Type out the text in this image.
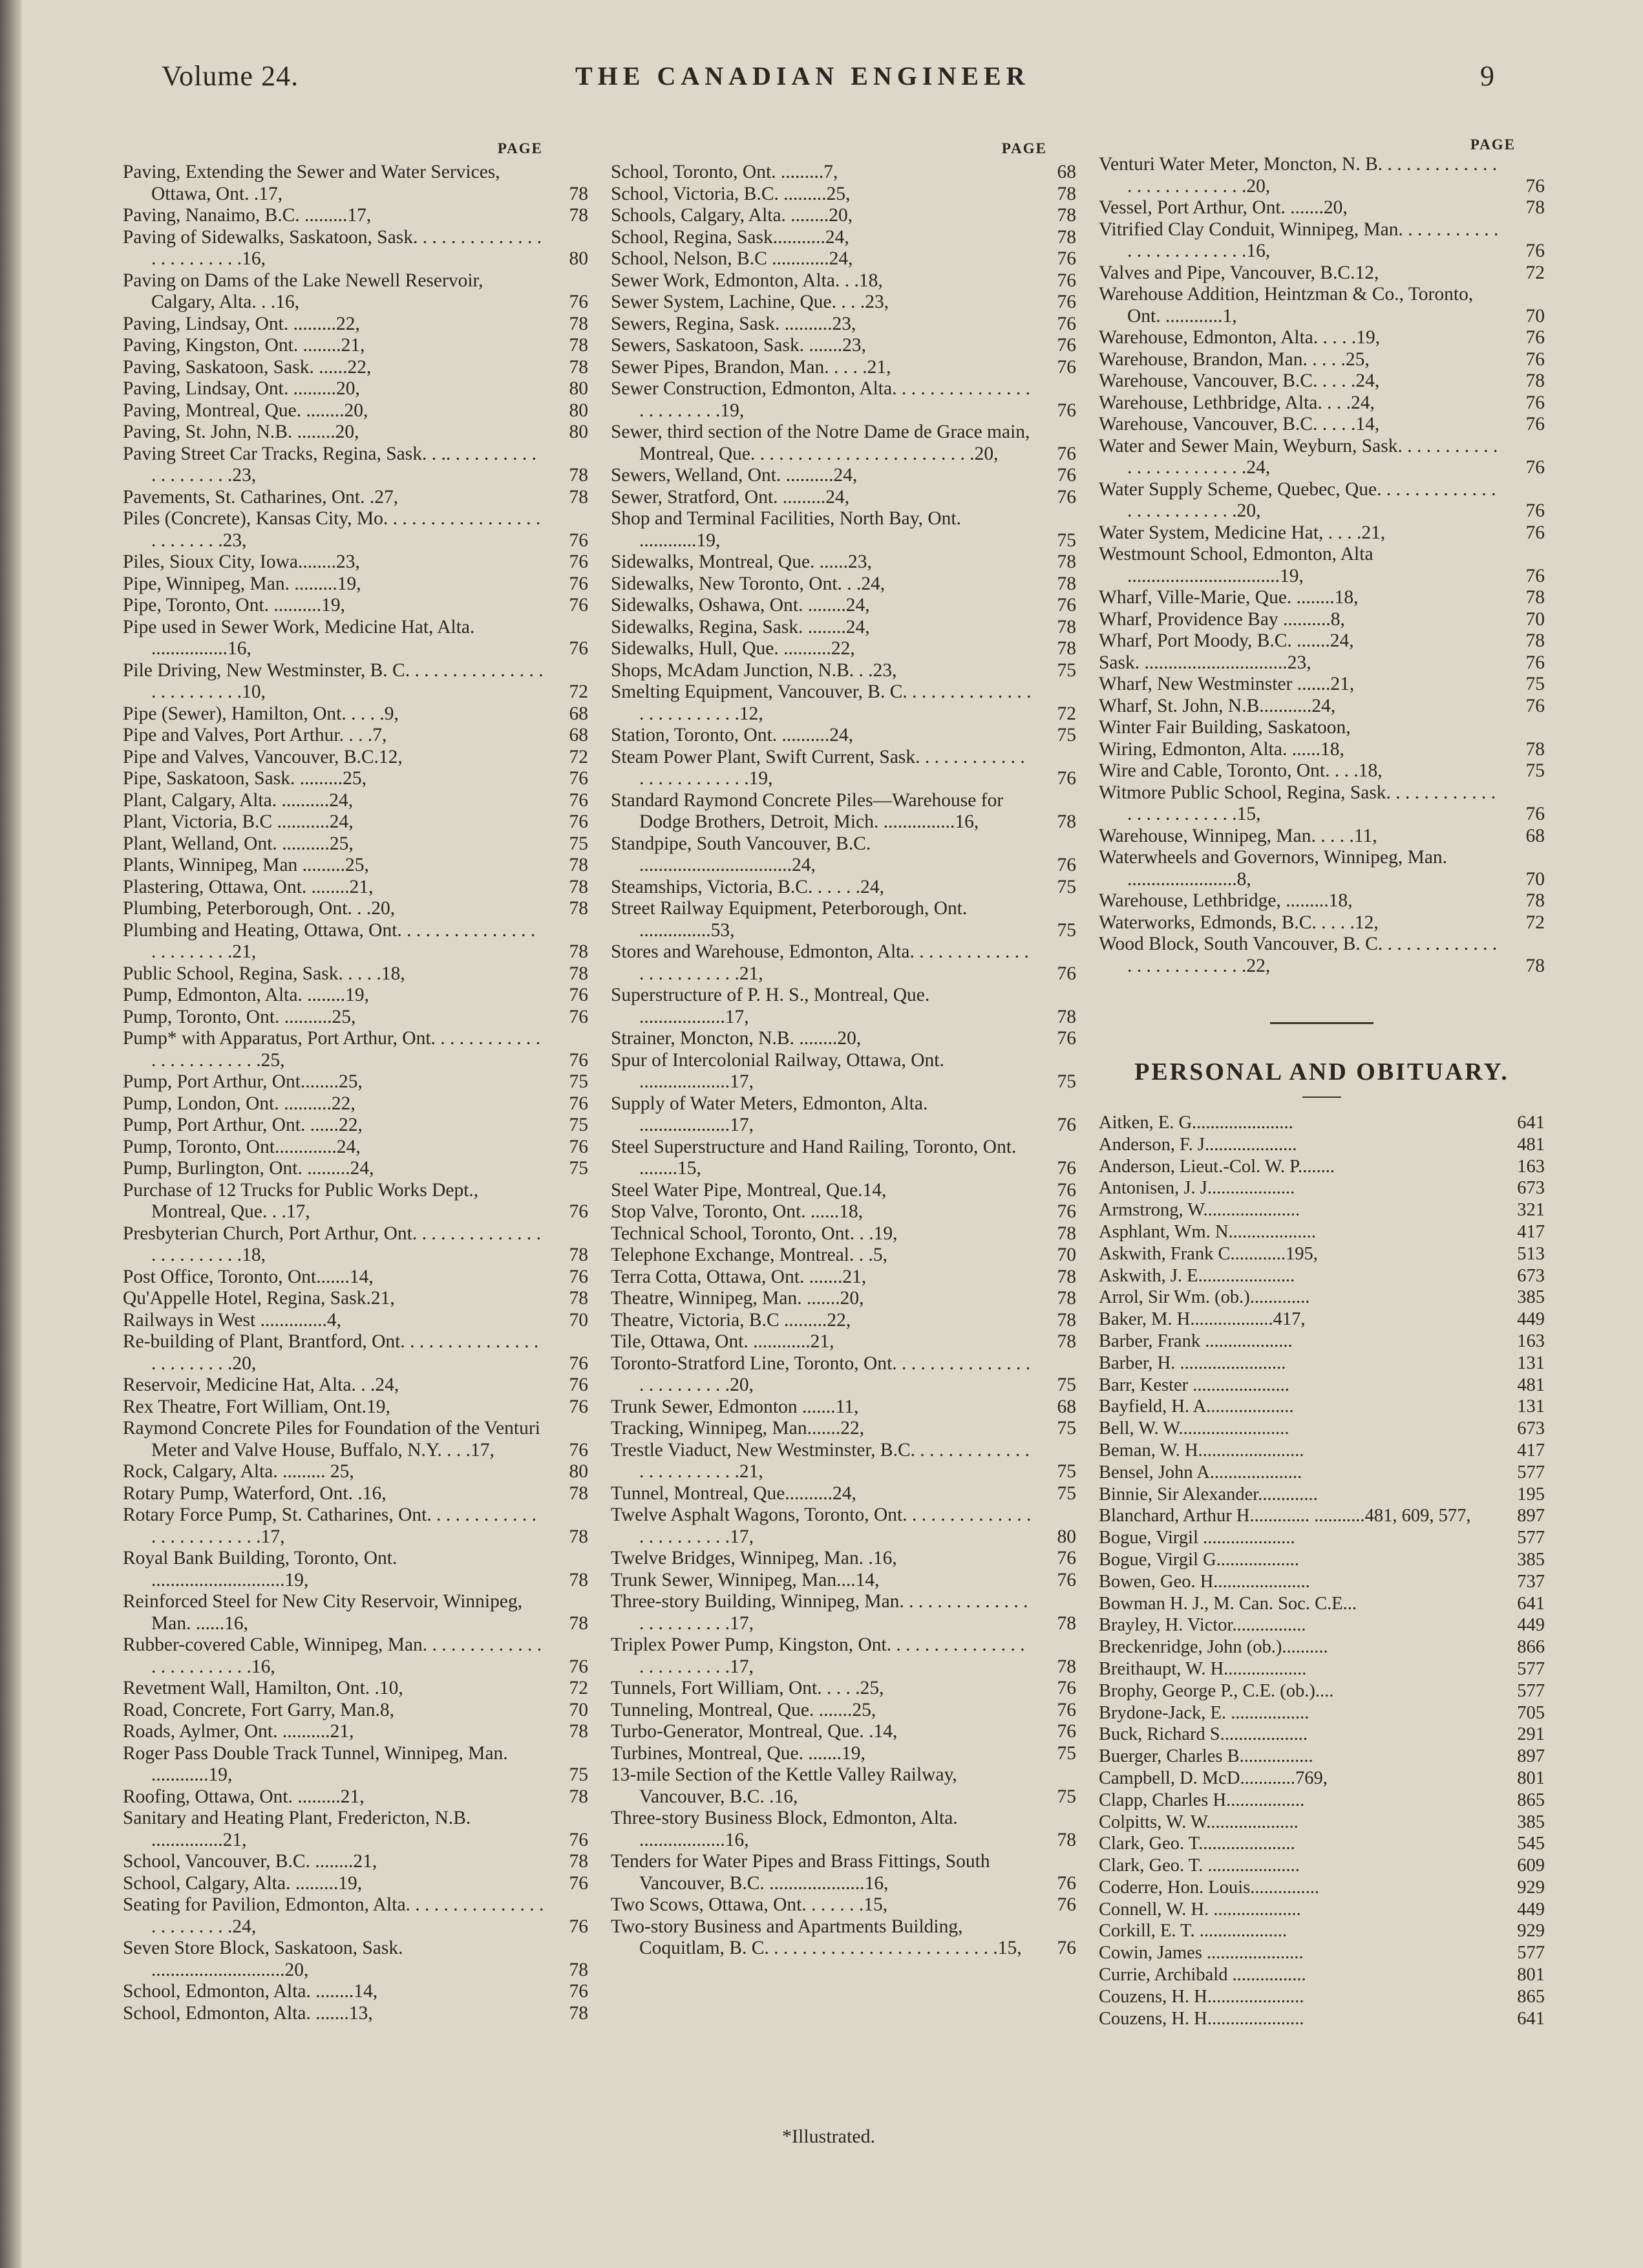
Volume 24.	THE CANADIAN ENGINEER	9
PAGE
Paving, Extending the Sewer and Water Services, Ottawa, Ont. .17,	78
Paving, Nanaimo, B.C. .........17,	78
Paving of Sidewalks, Saskatoon, Sask. . . . . . . . . . . . . . . . . . . . . . . .16,	80
Paving on Dams of the Lake Newell Reservoir, Calgary, Alta. . .16,	76
Paving, Lindsay, Ont. .........22,	78
Paving, Kingston, Ont. ........21,	78
Paving, Saskatoon, Sask. ......22,	78
Paving, Lindsay, Ont. .........20,	80
Paving, Montreal, Que. ........20,	80
Paving, St. John, N.B. ........20,	80
Paving Street Car Tracks, Regina, Sask. . .. . . . . . . . . . . . . . . . . . .23,	78
Pavements, St. Catharines, Ont. .27,	78
Piles (Concrete), Kansas City, Mo. . . . . . . . . . . . . . . . . . . . . . . . .23,	76
Piles, Sioux City, Iowa........23,	76
Pipe, Winnipeg, Man. .........19,	76
Pipe, Toronto, Ont. ..........19,	76
Pipe used in Sewer Work, Medicine Hat, Alta. ................16,	76
Pile Driving, New Westminster, B. C. . . . . . . . . . . . . . . . . . . . . . . . .10,	72
Pipe (Sewer), Hamilton, Ont. . . . .9,	68
Pipe and Valves, Port Arthur. . . .7,	68
Pipe and Valves, Vancouver, B.C.12,	72
Pipe, Saskatoon, Sask. .........25,	76
Plant, Calgary, Alta. ..........24,	76
Plant, Victoria, B.C ...........24,	76
Plant, Welland, Ont. ..........25,	75
Plants, Winnipeg, Man .........25,	78
Plastering, Ottawa, Ont. ........21,	78
Plumbing, Peterborough, Ont. . .20,	78
Plumbing and Heating, Ottawa, Ont. . . . . . . . . . . . . . . . . . . . . . . .21,	78
Public School, Regina, Sask. . . . .18,	78
Pump, Edmonton, Alta. ........19,	76
Pump, Toronto, Ont. ..........25,	76
Pump* with Apparatus, Port Arthur, Ont. . . . . . . . . . . . . . . . . . . . . . . .25,	76
Pump, Port Arthur, Ont........25,	75
Pump, London, Ont. ..........22,	76
Pump, Port Arthur, Ont. ......22,	75
Pump, Toronto, Ont.............24,	76
Pump, Burlington, Ont. .........24,	75
Purchase of 12 Trucks for Public Works Dept., Montreal, Que. . .17,	76
Presbyterian Church, Port Arthur, Ont. . . . . . . . . . . . . . . . . . . . . . . .18,	78
Post Office, Toronto, Ont.......14,	76
Qu'Appelle Hotel, Regina, Sask.21,	78
Railways in West ..............4,	70
Re-building of Plant, Brantford, Ont. . . . . . . . . . . . . . . . . . . . . . . .20,	76
Reservoir, Medicine Hat, Alta. . .24,	76
Rex Theatre, Fort William, Ont.19,	76
Raymond Concrete Piles for Foundation of the Venturi Meter and Valve House, Buffalo, N.Y. . . .17,	76
Rock, Calgary, Alta. ......... 25,	80
Rotary Pump, Waterford, Ont. .16,	78
Rotary Force Pump, St. Catharines, Ont. . . . . . . . . . . . . . . . . . . . . . . .17,	78
Royal Bank Building, Toronto, Ont. ............................19,	78
Reinforced Steel for New City Reservoir, Winnipeg, Man. ......16,	78
Rubber-covered Cable, Winnipeg, Man. . . . . . . . . . . . . . . . . . . . . . . .16,	76
Revetment Wall, Hamilton, Ont. .10,	72
Road, Concrete, Fort Garry, Man.8,	70
Roads, Aylmer, Ont. ..........21,	78
Roger Pass Double Track Tunnel, Winnipeg, Man. ............19,	75
Roofing, Ottawa, Ont. .........21,	78
Sanitary and Heating Plant, Fredericton, N.B. ...............21,	76
School, Vancouver, B.C. ........21,	78
School, Calgary, Alta. .........19,	76
Seating for Pavilion, Edmonton, Alta. . . . . . . . . . . . . . . . . . . . . . . .24,	76
Seven Store Block, Saskatoon, Sask. ............................20,	78
School, Edmonton, Alta. ........14,	76
School, Edmonton, Alta. .......13,	78
PAGE
School, Toronto, Ont. .........7,	68
School, Victoria, B.C. .........25,	78
Schools, Calgary, Alta. ........20,	78
School, Regina, Sask...........24,	78
School, Nelson, B.C ............24,	76
Sewer Work, Edmonton, Alta. . .18,	76
Sewer System, Lachine, Que. . . .23,	76
Sewers, Regina, Sask. ..........23,	76
Sewers, Saskatoon, Sask. .......23,	76
Sewer Pipes, Brandon, Man. . . . .21,	76
Sewer Construction, Edmonton, Alta. . . . . . . . . . . . . . . . . . . . . . . .19,	76
Sewer, third section of the Notre Dame de Grace main, Montreal, Que. . . . . . . . . . . . . . . . . . . . . . . .20,	76
Sewers, Welland, Ont. ..........24,	76
Sewer, Stratford, Ont. .........24,	76
Shop and Terminal Facilities, North Bay, Ont. ............19,	75
Sidewalks, Montreal, Que. ......23,	78
Sidewalks, New Toronto, Ont. . .24,	78
Sidewalks, Oshawa, Ont. ........24,	76
Sidewalks, Regina, Sask. ........24,	78
Sidewalks, Hull, Que. ..........22,	78
Shops, McAdam Junction, N.B. . .23,	75
Smelting Equipment, Vancouver, B. C. . . . . . . . . . . . . . . . . . . . . . . . .12,	72
Station, Toronto, Ont. ..........24,	75
Steam Power Plant, Swift Current, Sask. . . . . . . . . . . . . . . . . . . . . . . .19,	76
Standard Raymond Concrete Piles—Warehouse for Dodge Brothers, Detroit, Mich. ...............16,	78
Standpipe, South Vancouver, B.C. ................................24,	76
Steamships, Victoria, B.C. . . . . .24,	75
Street Railway Equipment, Peterborough, Ont. ...............53,	75
Stores and Warehouse, Edmonton, Alta. . . . . . . . . . . . . . . . . . . . . . . .21,	76
Superstructure of P. H. S., Montreal, Que. ..................17,	78
Strainer, Moncton, N.B. ........20,	76
Spur of Intercolonial Railway, Ottawa, Ont. ...................17,	75
Supply of Water Meters, Edmonton, Alta. ...................17,	76
Steel Superstructure and Hand Railing, Toronto, Ont. ........15,	76
Steel Water Pipe, Montreal, Que.14,	76
Stop Valve, Toronto, Ont. ......18,	76
Technical School, Toronto, Ont. . .19,	78
Telephone Exchange, Montreal. . .5,	70
Terra Cotta, Ottawa, Ont. .......21,	78
Theatre, Winnipeg, Man. .......20,	78
Theatre, Victoria, B.C .........22,	78
Tile, Ottawa, Ont. ............21,	78
Toronto-Stratford Line, Toronto, Ont. . . . . . . . . . . . . . . . . . . . . . . . .20,	75
Trunk Sewer, Edmonton .......11,	68
Tracking, Winnipeg, Man.......22,	75
Trestle Viaduct, New Westminster, B.C. . . . . . . . . . . . . . . . . . . . . . . .21,	75
Tunnel, Montreal, Que..........24,	75
Twelve Asphalt Wagons, Toronto, Ont. . . . . . . . . . . . . . . . . . . . . . . .17,	80
Twelve Bridges, Winnipeg, Man. .16,	76
Trunk Sewer, Winnipeg, Man....14,	76
Three-story Building, Winnipeg, Man. . . . . . . . . . . . . . . . . . . . . . . .17,	78
Triplex Power Pump, Kingston, Ont. . . . . . . . . . . . . . . . . . . . . . . . .17,	78
Tunnels, Fort William, Ont. . . . .25,	76
Tunneling, Montreal, Que. .......25,	76
Turbo-Generator, Montreal, Que. .14,	76
Turbines, Montreal, Que. .......19,	75
13-mile Section of the Kettle Valley Railway, Vancouver, B.C. .16,	75
Three-story Business Block, Edmonton, Alta. ..................16,	78
Tenders for Water Pipes and Brass Fittings, South Vancouver, B.C. ....................16,	76
Two Scows, Ottawa, Ont. . . . . . .15,	76
Two-story Business and Apartments Building, Coquitlam, B. C. . . . . . . . . . . . . . . . . . . . . . . . .15,	76
PAGE
Venturi Water Meter, Moncton, N. B. . . . . . . . . . . . . . . . . . . . . . . . . .20,	76
Vessel, Port Arthur, Ont. .......20,	78
Vitrified Clay Conduit, Winnipeg, Man. . . . . . . . . . . . . . . . . . . . . . . .16,	76
Valves and Pipe, Vancouver, B.C.12,	72
Warehouse Addition, Heintzman & Co., Toronto, Ont. ............1,	70
Warehouse, Edmonton, Alta. . . . .19,	76
Warehouse, Brandon, Man. . . . .25,	76
Warehouse, Vancouver, B.C. . . . .24,	78
Warehouse, Lethbridge, Alta. . . .24,	76
Warehouse, Vancouver, B.C. . . . .14,	76
Water and Sewer Main, Weyburn, Sask. . . . . . . . . . . . . . . . . . . . . . . .24,	76
Water Supply Scheme, Quebec, Que. . . . . . . . . . . . . . . . . . . . . . . . .20,	76
Water System, Medicine Hat, . . . .21,	76
Westmount School, Edmonton, Alta ................................19,	76
Wharf, Ville-Marie, Que. ........18,	78
Wharf, Providence Bay ..........8,	70
Wharf, Port Moody, B.C. .......24,	78
Sask. ..............................23,	76
Wharf, New Westminster .......21,	75
Wharf, St. John, N.B...........24,	76
Winter Fair Building, Saskatoon,
Wiring, Edmonton, Alta. ......18,	78
Wire and Cable, Toronto, Ont. . . .18,	75
Witmore Public School, Regina, Sask. . . . . . . . . . . . . . . . . . . . . . . .15,	76
Warehouse, Winnipeg, Man. . . . .11,	68
Waterwheels and Governors, Winnipeg, Man. .......................8,	70
Warehouse, Lethbridge, .........18,	78
Waterworks, Edmonds, B.C. . . . .12,	72
Wood Block, South Vancouver, B. C. . . . . . . . . . . . . . . . . . . . . . . . . .22,	78
PERSONAL AND OBITUARY.
Aitken, E. G......................	641
Anderson, F. J....................	481
Anderson, Lieut.-Col. W. P........	163
Antonisen, J. J...................	673
Armstrong, W.....................	321
Asphlant, Wm. N...................	417
Askwith, Frank C............195,	513
Askwith, J. E.....................	673
Arrol, Sir Wm. (ob.).............	385
Baker, M. H..................417,	449
Barber, Frank ...................	163
Barber, H. .......................	131
Barr, Kester .....................	481
Bayfield, H. A...................	131
Bell, W. W........................	673
Beman, W. H.......................	417
Bensel, John A....................	577
Binnie, Sir Alexander.............	195
Blanchard, Arthur H............. ...........481, 609, 577,	897
Bogue, Virgil ....................	577
Bogue, Virgil G..................	385
Bowen, Geo. H.....................	737
Bowman H. J., M. Can. Soc. C.E...	641
Brayley, H. Victor................	449
Breckenridge, John (ob.)..........	866
Breithaupt, W. H..................	577
Brophy, George P., C.E. (ob.)....	577
Brydone-Jack, E. .................	705
Buck, Richard S...................	291
Buerger, Charles B................	897
Campbell, D. McD............769,	801
Clapp, Charles H.................	865
Colpitts, W. W....................	385
Clark, Geo. T.....................	545
Clark, Geo. T. ....................	609
Coderre, Hon. Louis...............	929
Connell, W. H. ...................	449
Corkill, E. T. ...................	929
Cowin, James .....................	577
Currie, Archibald ................	801
Couzens, H. H.....................	865
Couzens, H. H.....................	641
*Illustrated.
